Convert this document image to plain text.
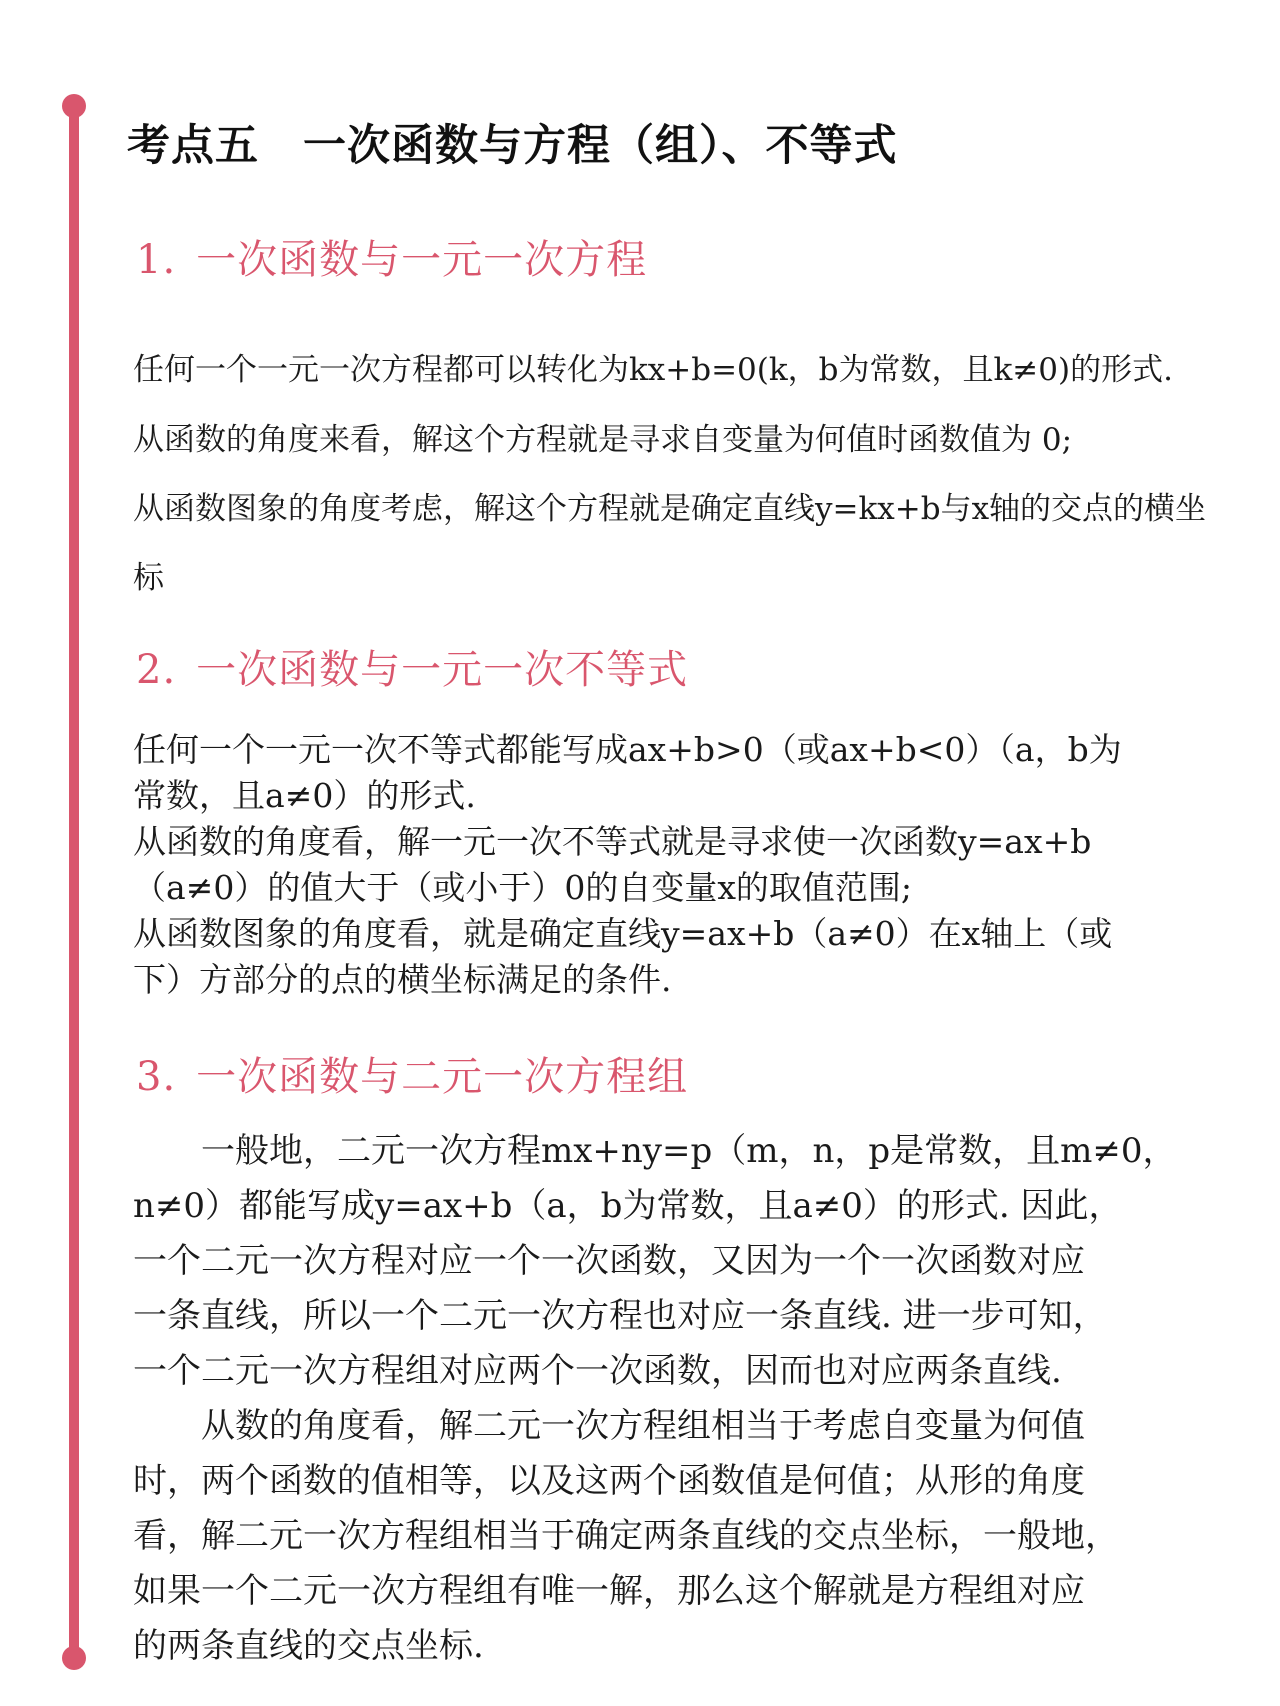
考点五 一次函数与方程（组）、不等式
1. 一次函数与一元一次方程

任何一个一元一次方程都可以转化为kx+b=0(k，b为常数，且k≠0)的形式.

从函数的角度来看，解这个方程就是寻求自变量为何值时函数值为 0;

从函数图象的角度考虑，解这个方程就是确定直线y=kx+b与x轴的交点的横坐

标

2. 一次函数与一元一次不等式

任何一个一元一次不等式都能写成ax+b>0（或ax+b<0）（a，b为

常数，且a≠0）的形式.

从函数的角度看，解一元一次不等式就是寻求使一次函数y=ax+b

（a≠0）的值大于（或小于）0的自变量x的取值范围;

从函数图象的角度看，就是确定直线y=ax+b（a≠0）在x轴上（或

下）方部分的点的横坐标满足的条件.

3. 一次函数与二元一次方程组

　　一般地，二元一次方程mx+ny=p（m，n，p是常数，且m≠0，

n≠0）都能写成y=ax+b（a，b为常数，且a≠0）的形式. 因此，

一个二元一次方程对应一个一次函数，又因为一个一次函数对应

一条直线，所以一个二元一次方程也对应一条直线. 进一步可知，

一个二元一次方程组对应两个一次函数，因而也对应两条直线.

　　从数的角度看，解二元一次方程组相当于考虑自变量为何值

时，两个函数的值相等，以及这两个函数值是何值；从形的角度

看，解二元一次方程组相当于确定两条直线的交点坐标，一般地，

如果一个二元一次方程组有唯一解，那么这个解就是方程组对应

的两条直线的交点坐标.
